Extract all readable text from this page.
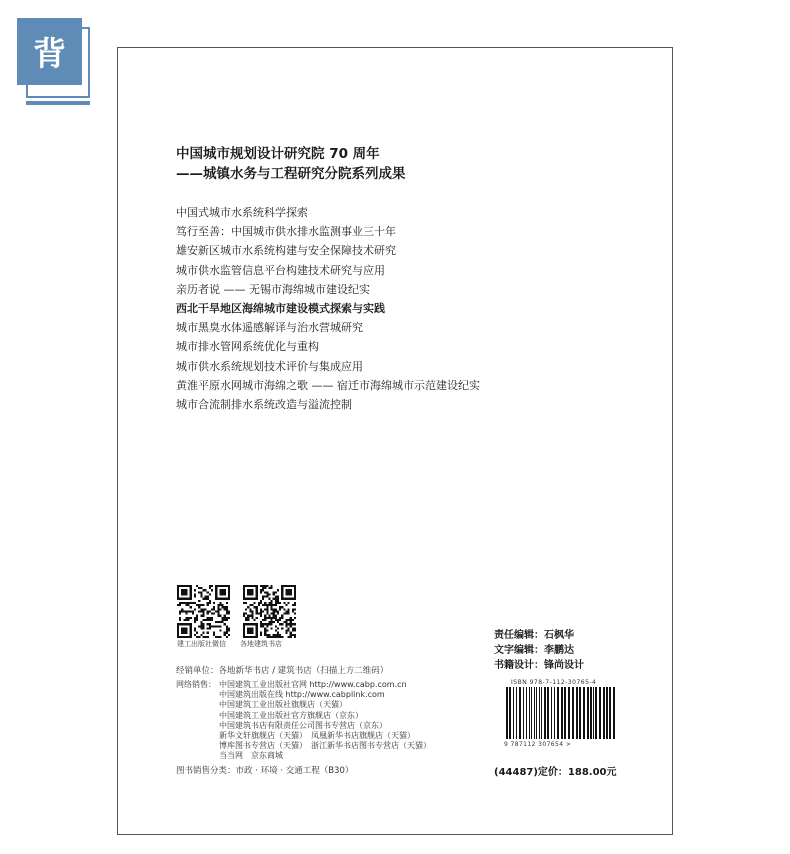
背
中国城市规划设计研究院 70 周年
——城镇水务与工程研究分院系列成果
中国式城市水系统科学探索
笃行至善：中国城市供水排水监测事业三十年
雄安新区城市水系统构建与安全保障技术研究
城市供水监管信息平台构建技术研究与应用
亲历者说 —— 无锡市海绵城市建设纪实
西北干旱地区海绵城市建设模式探索与实践
城市黑臭水体遥感解译与治水营城研究
城市排水管网系统优化与重构
城市供水系统规划技术评价与集成应用
黄淮平原水网城市海绵之歌 —— 宿迁市海绵城市示范建设纪实
城市合流制排水系统改造与溢流控制
建工出版社微信 各地建筑书店
经销单位：各地新华书店 / 建筑书店（扫描上方二维码）
网络销售： 中国建筑工业出版社官网 http://www.cabp.com.cn
中国建筑出版在线 http://www.cabplink.com
中国建筑工业出版社旗舰店（天猫）
中国建筑工业出版社官方旗舰店（京东）
中国建筑书店有限责任公司图书专营店（京东）
新华文轩旗舰店（天猫）　凤凰新华书店旗舰店（天猫）
博库图书专营店（天猫）　浙江新华书店图书专营店（天猫）
当当网　京东商城
图书销售分类：市政 · 环境 · 交通工程（B30）
责任编辑：石枫华
文字编辑：李鹏达
书籍设计：锋尚设计
ISBN 978-7-112-30765-4
9 787112 307654 >
(44487)定价：188.00元
